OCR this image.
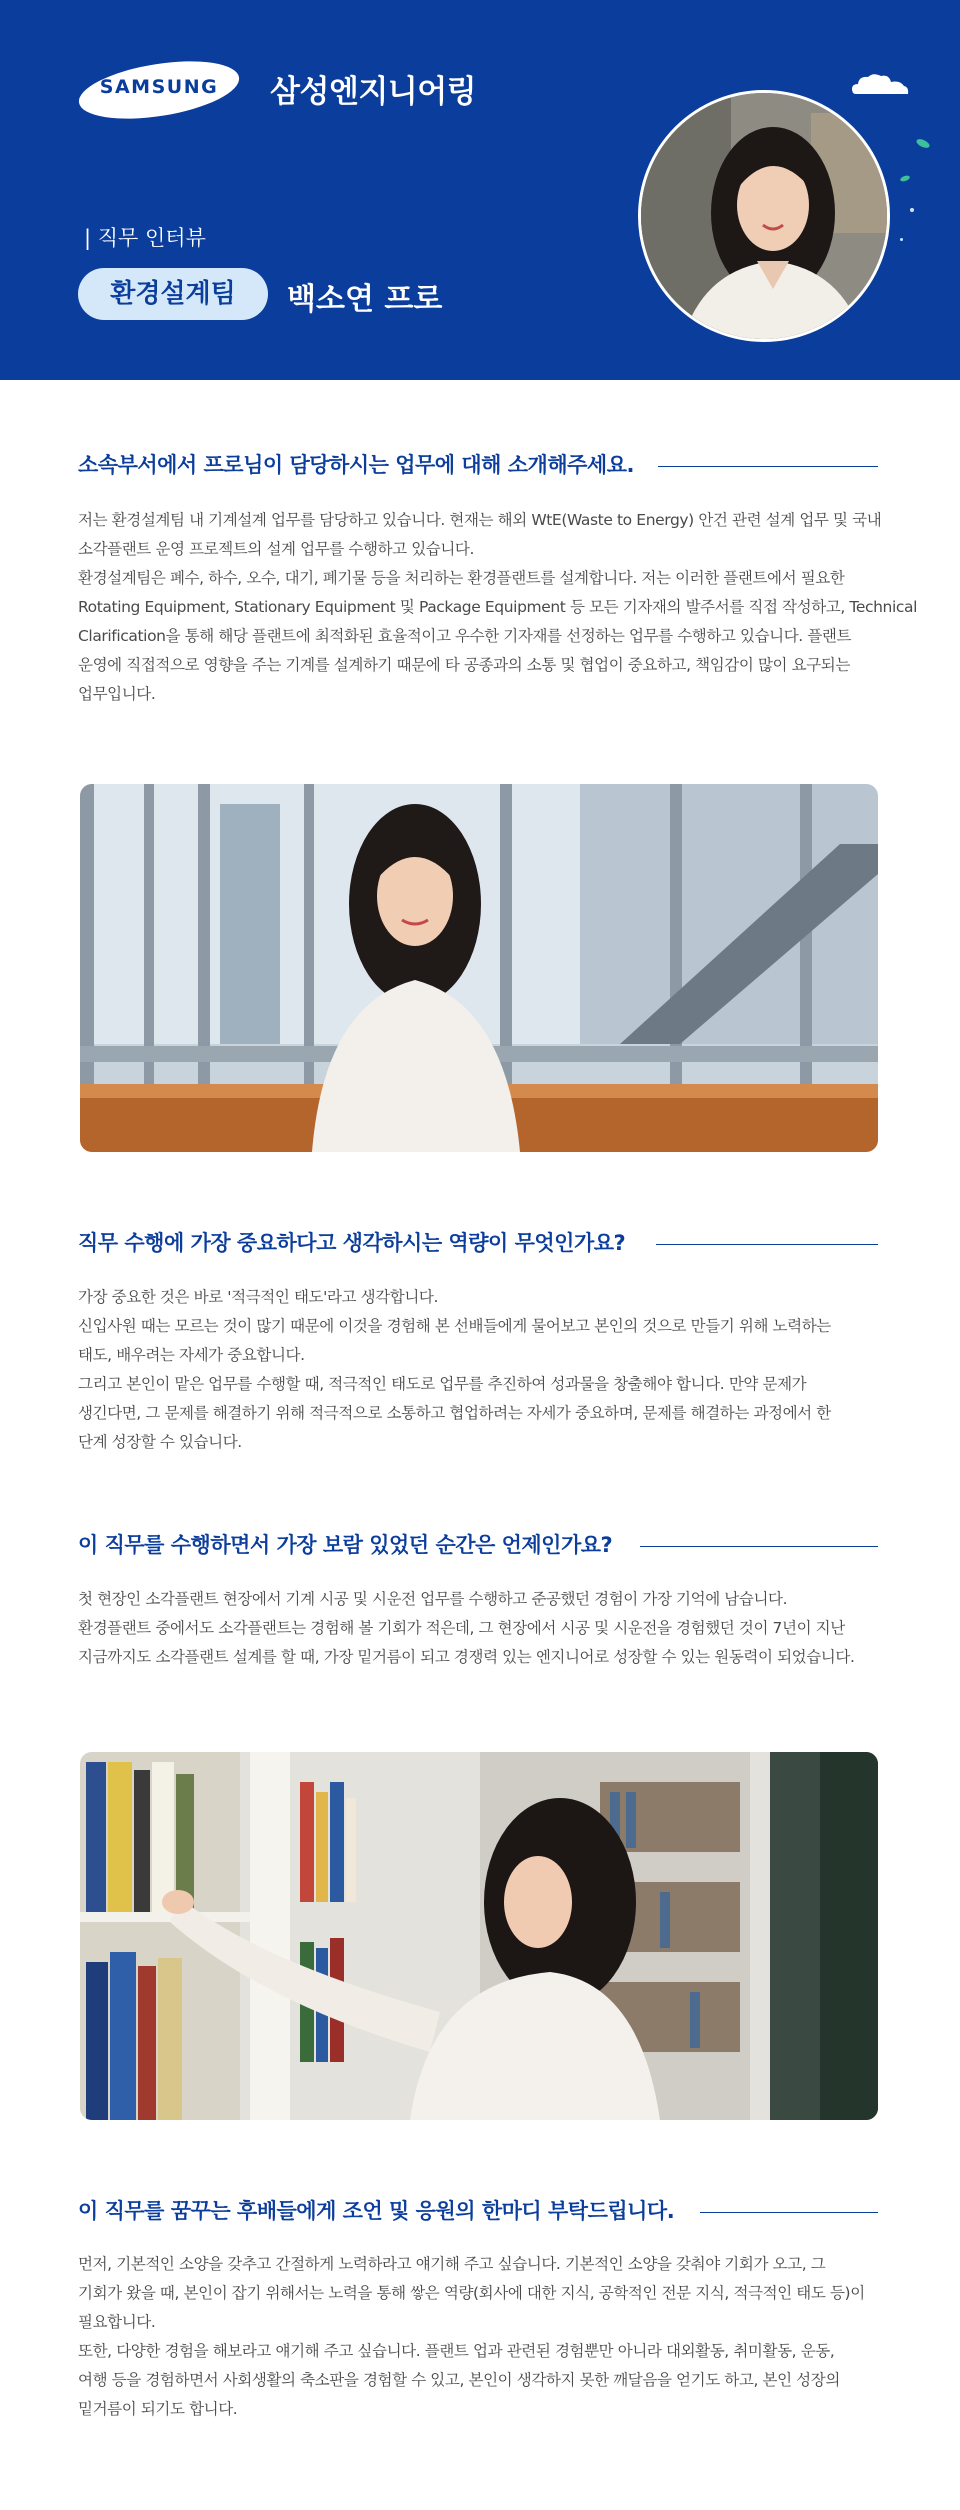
SAMSUNG	삼성엔지니어링
| 직무 인터뷰
환경설계팀	백소연 프로
소속부서에서 프로님이 담당하시는 업무에 대해 소개해주세요.

저는 환경설계팀 내 기계설계 업무를 담당하고 있습니다. 현재는 해외 WtE(Waste to Energy) 안건 관련 설계 업무 및 국내

소각플랜트 운영 프로젝트의 설계 업무를 수행하고 있습니다.

환경설계팀은 폐수, 하수, 오수, 대기, 폐기물 등을 처리하는 환경플랜트를 설계합니다. 저는 이러한 플랜트에서 필요한

Rotating Equipment, Stationary Equipment 및 Package Equipment 등 모든 기자재의 발주서를 직접 작성하고, Technical

Clarification을 통해 해당 플랜트에 최적화된 효율적이고 우수한 기자재를 선정하는 업무를 수행하고 있습니다. 플랜트

운영에 직접적으로 영향을 주는 기계를 설계하기 때문에 타 공종과의 소통 및 협업이 중요하고, 책임감이 많이 요구되는

업무입니다.

직무 수행에 가장 중요하다고 생각하시는 역량이 무엇인가요?

가장 중요한 것은 바로 '적극적인 태도'라고 생각합니다.

신입사원 때는 모르는 것이 많기 때문에 이것을 경험해 본 선배들에게 물어보고 본인의 것으로 만들기 위해 노력하는

태도, 배우려는 자세가 중요합니다.

그리고 본인이 맡은 업무를 수행할 때, 적극적인 태도로 업무를 추진하여 성과물을 창출해야 합니다. 만약 문제가

생긴다면, 그 문제를 해결하기 위해 적극적으로 소통하고 협업하려는 자세가 중요하며, 문제를 해결하는 과정에서 한

단계 성장할 수 있습니다.

이 직무를 수행하면서 가장 보람 있었던 순간은 언제인가요?

첫 현장인 소각플랜트 현장에서 기계 시공 및 시운전 업무를 수행하고 준공했던 경험이 가장 기억에 남습니다.

환경플랜트 중에서도 소각플랜트는 경험해 볼 기회가 적은데, 그 현장에서 시공 및 시운전을 경험했던 것이 7년이 지난

지금까지도 소각플랜트 설계를 할 때, 가장 밑거름이 되고 경쟁력 있는 엔지니어로 성장할 수 있는 원동력이 되었습니다.

이 직무를 꿈꾸는 후배들에게 조언 및 응원의 한마디 부탁드립니다.

먼저, 기본적인 소양을 갖추고 간절하게 노력하라고 얘기해 주고 싶습니다. 기본적인 소양을 갖춰야 기회가 오고, 그

기회가 왔을 때, 본인이 잡기 위해서는 노력을 통해 쌓은 역량(회사에 대한 지식, 공학적인 전문 지식, 적극적인 태도 등)이

필요합니다.

또한, 다양한 경험을 해보라고 얘기해 주고 싶습니다. 플랜트 업과 관련된 경험뿐만 아니라 대외활동, 취미활동, 운동,

여행 등을 경험하면서 사회생활의 축소판을 경험할 수 있고, 본인이 생각하지 못한 깨달음을 얻기도 하고, 본인 성장의

밑거름이 되기도 합니다.
